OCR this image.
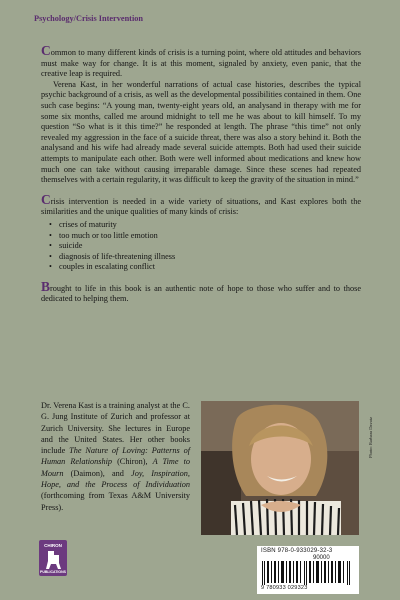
Psychology/Crisis Intervention

Common to many different kinds of crisis is a turning point, where old attitudes and behaviors must make way for change. It is at this moment, signaled by anxiety, even panic, that the creative leap is required.

Verena Kast, in her wonderful narrations of actual case histories, describes the typical psychic background of a crisis, as well as the developmental possibilities contained in them. One such case begins: “A young man, twenty-eight years old, an analysand in therapy with me for some six months, called me around midnight to tell me he was about to kill himself. To my question “So what is it this time?” he responded at length. The phrase “this time” not only revealed my aggression in the face of a suicide threat, there was also a story behind it. Both the analysand and his wife had already made several suicide attempts. Both had used their suicide attempts to manipulate each other. Both were well informed about medications and knew how much one can take without causing irreparable damage. Since these scenes had repeated themselves with a certain regularity, it was difficult to keep the gravity of the situation in mind.”

Crisis intervention is needed in a wide variety of situations, and Kast explores both the similarities and the unique qualities of many kinds of crisis:

• crises of maturity
• too much or too little emotion
• suicide
• diagnosis of life-threatening illness
• couples in escalating conflict

Brought to life in this book is an authentic note of hope to those who suffer and to those dedicated to helping them.

Dr. Verena Kast is a training analyst at the C. G. Jung Institute of Zurich and professor at Zurich University. She lectures in Europe and the United States. Her other books include The Nature of Loving: Patterns of Human Relationship (Chiron), A Time to Mourn (Daimon), and Joy, Inspiration, Hope, and the Process of Individuation (forthcoming from Texas A&M University Press).
Photo: Barbara Davatz
CHIRON
PUBLICATIONS
ISBN 978-0-933029-32-3
90000
9 780933 029323
